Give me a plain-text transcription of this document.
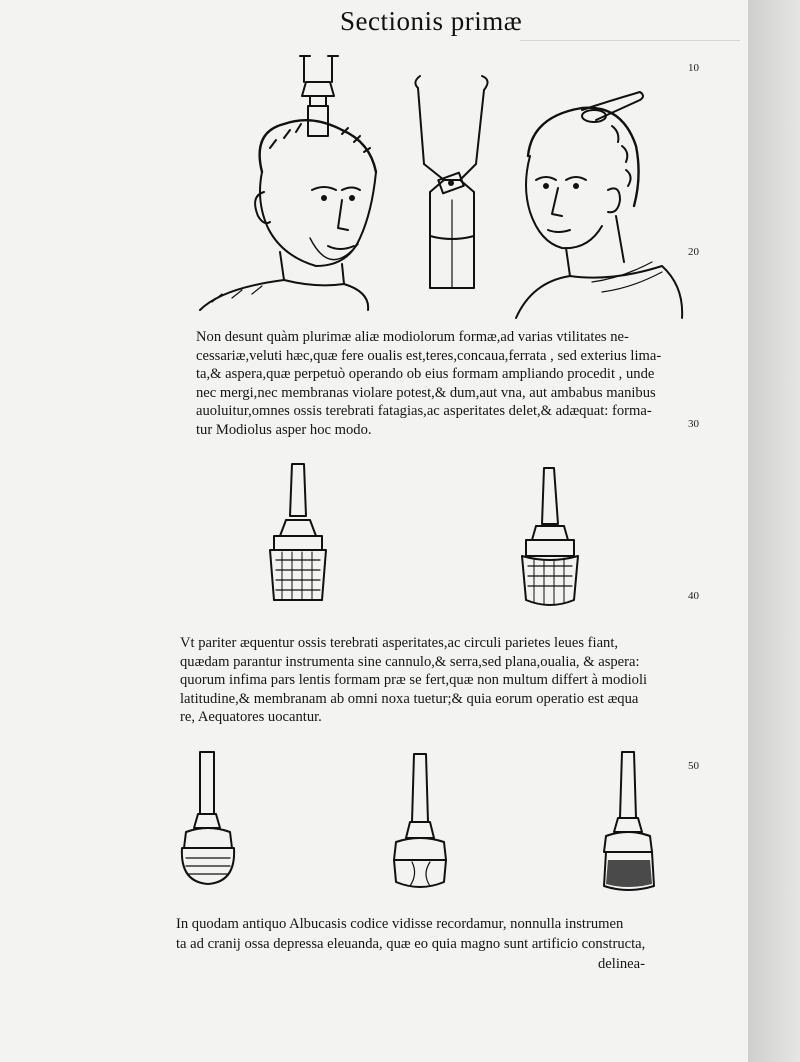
Sectionis primæ
10
20
30
40
50

Non desunt quàm plurimæ aliæ modiolorum formæ,ad varias vtilitates ne-
cessariæ,veluti hæc,quæ fere oualis est,teres,concaua,ferrata , sed exterius lima-
ta,& aspera,quæ perpetuò operando ob eius formam ampliando procedit , unde
nec mergi,nec membranas violare potest,& dum,aut vna, aut ambabus manibus
auoluitur,omnes ossis terebrati fatagias,ac asperitates delet,& adæquat: forma-
tur Modiolus asper hoc modo.

Vt pariter æquentur ossis terebrati asperitates,ac circuli parietes leues fiant,
quædam parantur instrumenta sine cannulo,& serra,sed plana,oualia, & aspera:
quorum infima pars lentis formam præ se fert,quæ non multum differt à modioli
latitudine,& membranam ab omni noxa tuetur;& quia eorum operatio est æqua
re, Aequatores uocantur.

In quodam antiquo Albucasis codice vidisse recordamur, nonnulla instrumen
ta ad cranij ossa depressa eleuanda, quæ eo quia magno sunt artificio constructa,
delinea-
